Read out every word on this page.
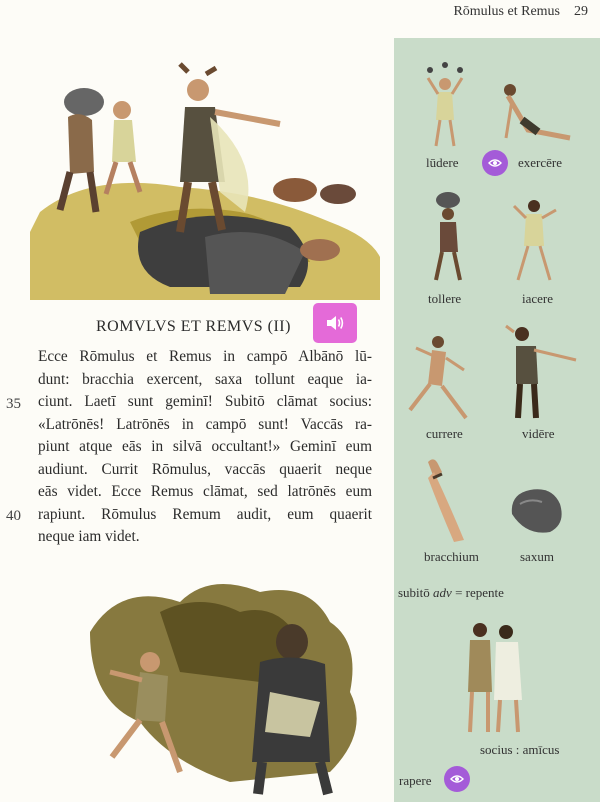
Rōmulus et Remus 29
ROMVLVS ET REMVS (II)
Ecce Rōmulus et Remus in campō Albānō lū-
dunt: bracchia exercent, saxa tollunt eaque ia-
ciunt. Laetī sunt geminī! Subitō clāmat socius:
«Latrōnēs! Latrōnēs in campō sunt! Vaccās ra-
piunt atque eās in silvā occultant!» Geminī eum
audiunt. Currit Rōmulus, vaccās quaerit neque
eās videt. Ecce Remus clāmat, sed latrōnēs eum
rapiunt. Rōmulus Remum audit, eum quaerit
neque iam videt.
35
40
lūdere	exercēre
tollere	iacere
currere	vidēre
bracchium	saxum
subitō adv = repente
socius : amīcus
rapere
